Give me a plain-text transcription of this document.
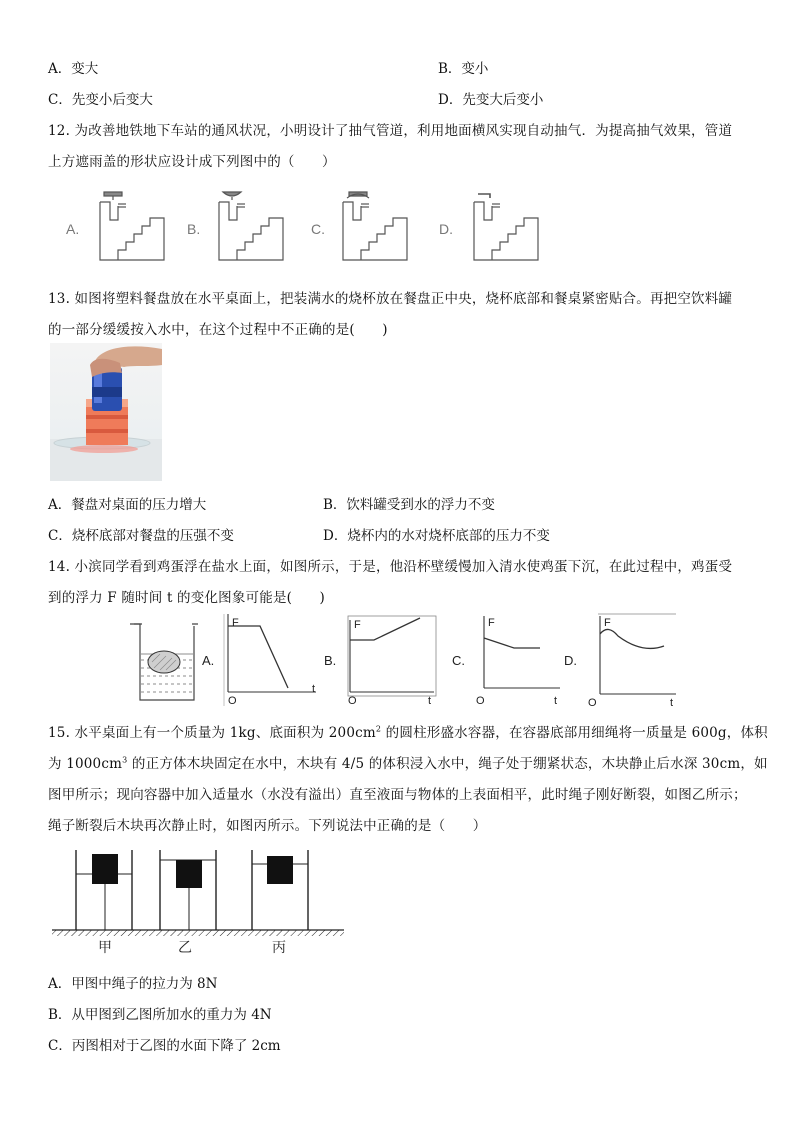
A．变大	B．变小
C．先变小后变大	D．先变大后变小
12. 为改善地铁地下车站的通风状况，小明设计了抽气管道，利用地面横风实现自动抽气．为提高抽气效果，管道
上方遮雨盖的形状应设计成下列图中的（　　）
A.	B.	C.	D.
13. 如图将塑料餐盘放在水平桌面上，把装满水的烧杯放在餐盘正中央，烧杯底部和餐桌紧密贴合。再把空饮料罐
的一部分缓缓按入水中，在这个过程中不正确的是(　　)
A．餐盘对桌面的压力增大	B．饮料罐受到水的浮力不变
C．烧杯底部对餐盘的压强不变	D．烧杯内的水对烧杯底部的压力不变
14. 小滨同学看到鸡蛋浮在盐水上面，如图所示，于是，他沿杯壁缓慢加入清水使鸡蛋下沉，在此过程中，鸡蛋受
到的浮力 F 随时间 t 的变化图象可能是(　　)
A.	B.	C.	D.
F
t
O
F
t
O
F
t
O
F
t
O
15. 水平桌面上有一个质量为 1kg、底面积为 $200cm^2$ 的圆柱形盛水容器，在容器底部用细绳将一质量是 600g，体积
为 $1000cm^3$ 的正方体木块固定在水中，木块有 4/5 的体积浸入水中，绳子处于绷紧状态，木块静止后水深 30cm，如
图甲所示；现向容器中加入适量水（水没有溢出）直至液面与物体的上表面相平，此时绳子刚好断裂，如图乙所示；
绳子断裂后木块再次静止时，如图丙所示。下列说法中正确的是（　　）
甲	乙	丙
A．甲图中绳子的拉力为 8N
B．从甲图到乙图所加水的重力为 4N
C．丙图相对于乙图的水面下降了 2cm
